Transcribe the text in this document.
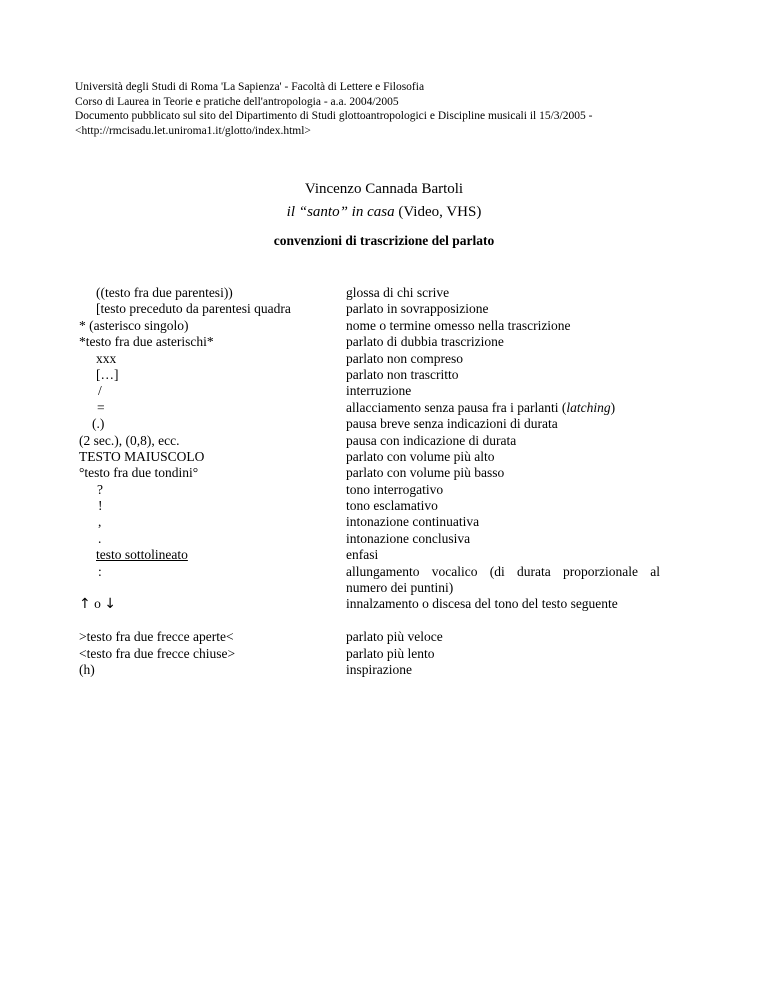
Università degli Studi di Roma 'La Sapienza' - Facoltà di Lettere e Filosofia
Corso di Laurea in Teorie e pratiche dell'antropologia - a.a. 2004/2005
Documento pubblicato sul sito del Dipartimento di Studi glottoantropologici e Discipline musicali il 15/3/2005 -
<http://rmcisadu.let.uniroma1.it/glotto/index.html>
Vincenzo Cannada Bartoli
il “santo” in casa (Video, VHS)
convenzioni di trascrizione del parlato
((testo fra due parentesi))	glossa di chi scrive
[testo preceduto da parentesi quadra	parlato in sovrapposizione
* (asterisco singolo)	nome o termine omesso nella trascrizione
*testo fra due asterischi*	parlato di dubbia trascrizione
xxx	parlato non compreso
[…]	parlato non trascritto
/	interruzione
=	allacciamento senza pausa fra i parlanti (latching)
(.)	pausa breve senza indicazioni di durata
(2 sec.), (0,8), ecc.	pausa con indicazione di durata
TESTO MAIUSCOLO	parlato con volume più alto
°testo fra due tondini°	parlato con volume più basso
?	tono interrogativo
!	tono esclamativo
,	intonazione continuativa
.	intonazione conclusiva
testo sottolineato	enfasi
:	allungamento vocalico (di durata proporzionale al numero dei puntini)
↑ o ↓	innalzamento o discesa del tono del testo seguente
>testo fra due frecce aperte<	parlato più veloce
<testo fra due frecce chiuse>	parlato più lento
(h)	inspirazione
